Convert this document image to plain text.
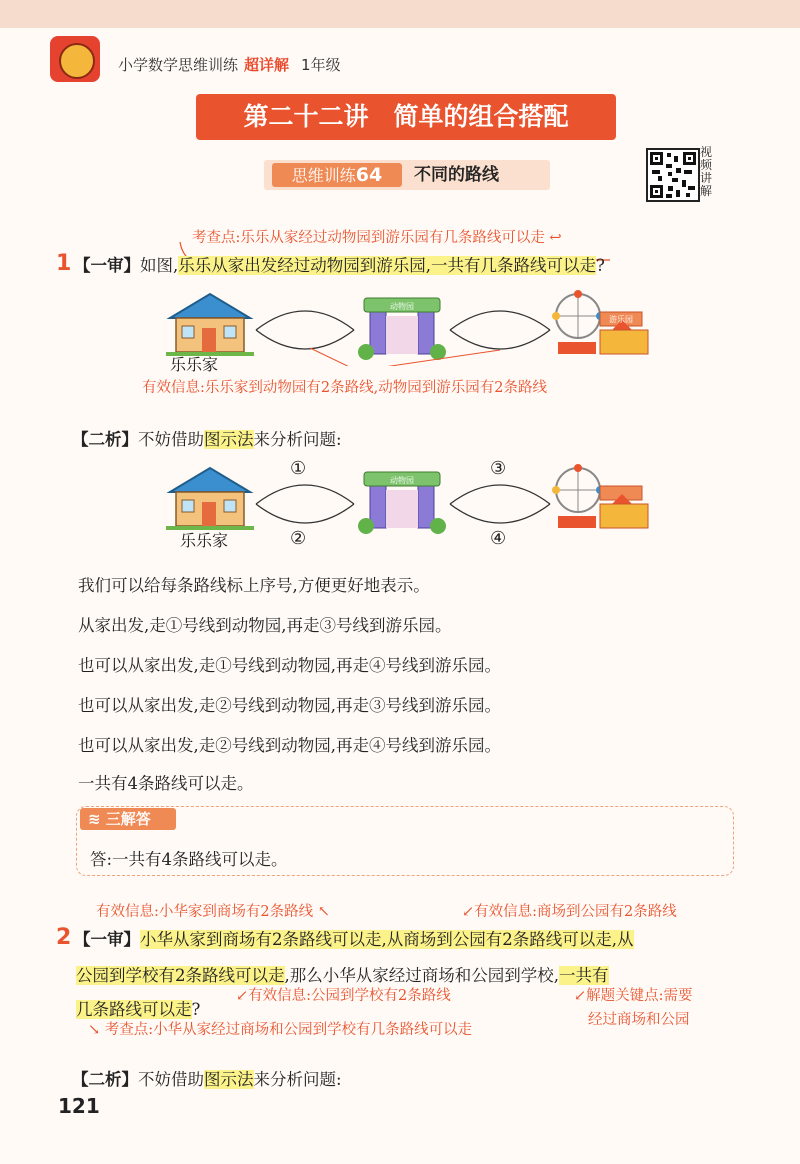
小学数学思维训练 超详解 1年级
第二十二讲　简单的组合搭配
思维训练64	不同的路线
视
频
讲
解
考查点:乐乐从家经过动物园到游乐园有几条路线可以走 ↩
1 【一审】如图,乐乐从家出发经过动物园到游乐园,一共有几条路线可以走?
动物园
游乐园
乐乐家
有效信息:乐乐家到动物园有2条路线,动物园到游乐园有2条路线
【二析】不妨借助图示法来分析问题:
动物园
①
②
③
④
乐乐家
我们可以给每条路线标上序号,方便更好地表示。
从家出发,走①号线到动物园,再走③号线到游乐园。
也可以从家出发,走①号线到动物园,再走④号线到游乐园。
也可以从家出发,走②号线到动物园,再走③号线到游乐园。
也可以从家出发,走②号线到动物园,再走④号线到游乐园。
一共有4条路线可以走。
≋ 三解答
答:一共有4条路线可以走。
有效信息:小华家到商场有2条路线 ↖	↙有效信息:商场到公园有2条路线
2 【一审】小华从家到商场有2条路线可以走,从商场到公园有2条路线可以走,从
公园到学校有2条路线可以走,那么小华从家经过商场和公园到学校,一共有
几条路线可以走?
↙有效信息:公园到学校有2条路线	↙解题关键点:需要
经过商场和公园
↘ 考查点:小华从家经过商场和公园到学校有几条路线可以走
【二析】不妨借助图示法来分析问题:
121
